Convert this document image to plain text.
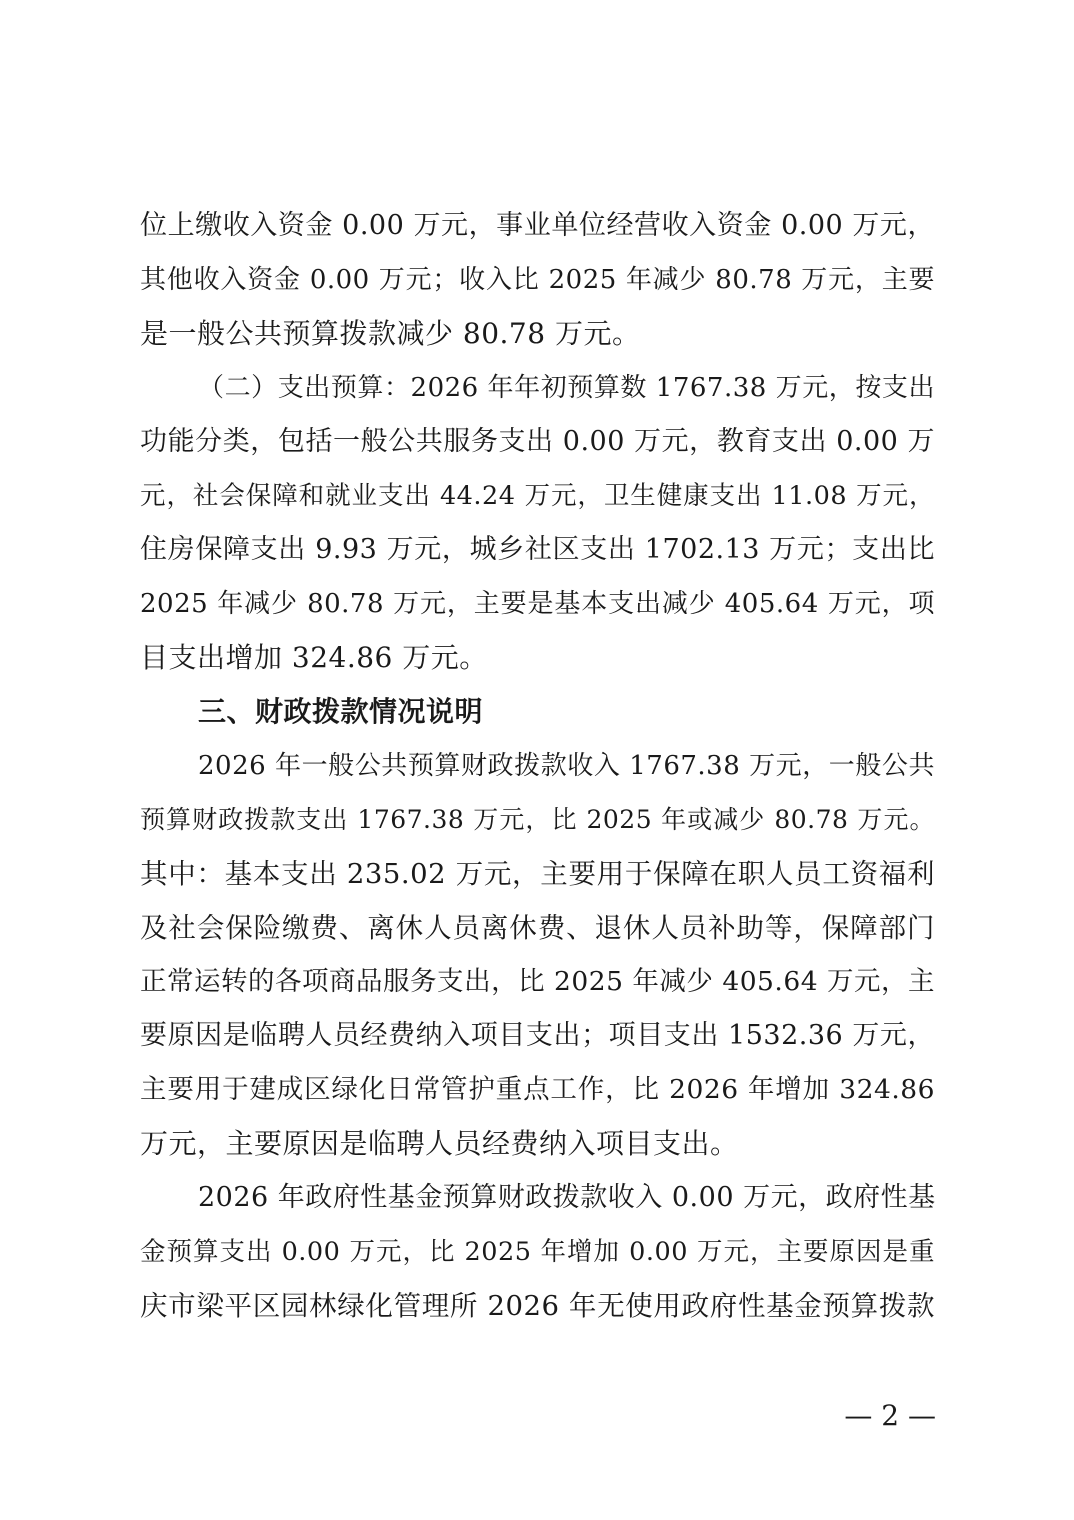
位上缴收入资金 0.00 万元，事业单位经营收入资金 0.00 万元，
其他收入资金 0.00 万元；收入比 2025 年减少 80.78 万元，主要
是一般公共预算拨款减少 80.78 万元。
（二）支出预算：2026 年年初预算数 1767.38 万元，按支出
功能分类，包括一般公共服务支出 0.00 万元，教育支出 0.00 万
元，社会保障和就业支出 44.24 万元，卫生健康支出 11.08 万元，
住房保障支出 9.93 万元，城乡社区支出 1702.13 万元；支出比
2025 年减少 80.78 万元，主要是基本支出减少 405.64 万元，项
目支出增加 324.86 万元。
三、财政拨款情况说明
2026 年一般公共预算财政拨款收入 1767.38 万元，一般公共
预算财政拨款支出 1767.38 万元，比 2025 年或减少 80.78 万元。
其中：基本支出 235.02 万元，主要用于保障在职人员工资福利
及社会保险缴费、离休人员离休费、退休人员补助等，保障部门
正常运转的各项商品服务支出，比 2025 年减少 405.64 万元，主
要原因是临聘人员经费纳入项目支出；项目支出 1532.36 万元，
主要用于建成区绿化日常管护重点工作，比 2026 年增加 324.86
万元，主要原因是临聘人员经费纳入项目支出。
2026 年政府性基金预算财政拨款收入 0.00 万元，政府性基
金预算支出 0.00 万元，比 2025 年增加 0.00 万元，主要原因是重
庆市梁平区园林绿化管理所 2026 年无使用政府性基金预算拨款
— 2 —
